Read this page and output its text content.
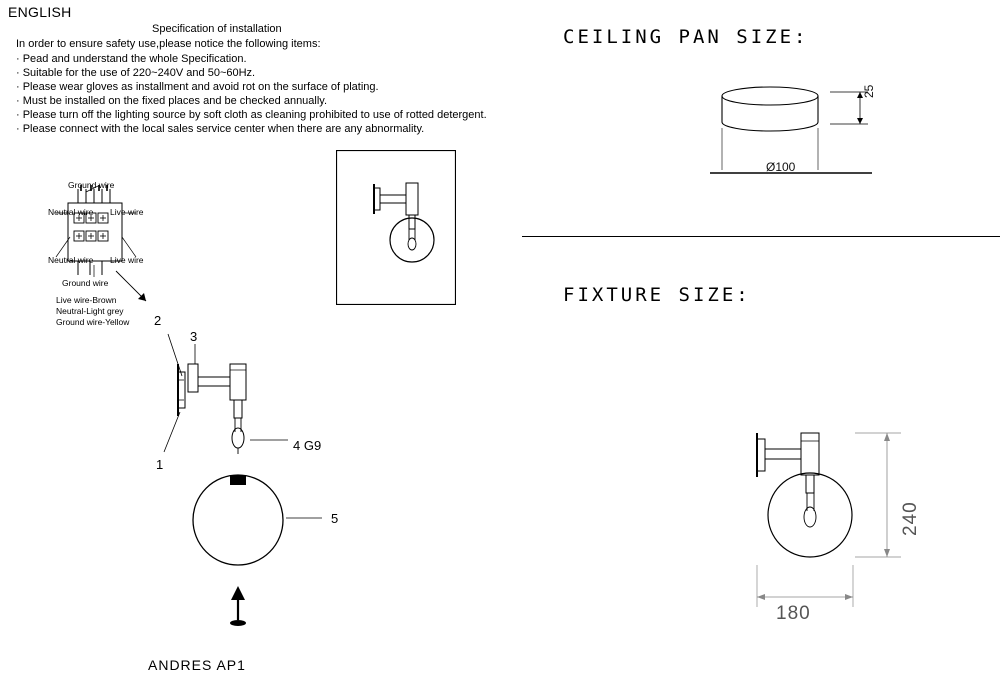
ENGLISH
Specification of installation
In order to ensure safety use,please notice the following items:
· Pead and understand the whole Specification.
· Suitable for the use of 220~240V and 50~60Hz.
· Please wear gloves as installment and avoid rot on the surface of plating.
· Must be installed on the fixed places and be checked annually.
· Please turn off the lighting source by soft cloth as cleaning prohibited to use of rotted detergent.
· Please connect with the local sales service center when there are any abnormality.
Ground wire
Neutral wire Live wire
Neutral wire Live wire
Ground wire
Live wire-Brown
Neutral-Light grey
Ground wire-Yellow
1
2
3
4 G9
5
ANDRES AP1
CEILING PAN SIZE:
Ø100
25
FIXTURE SIZE:
240
180
